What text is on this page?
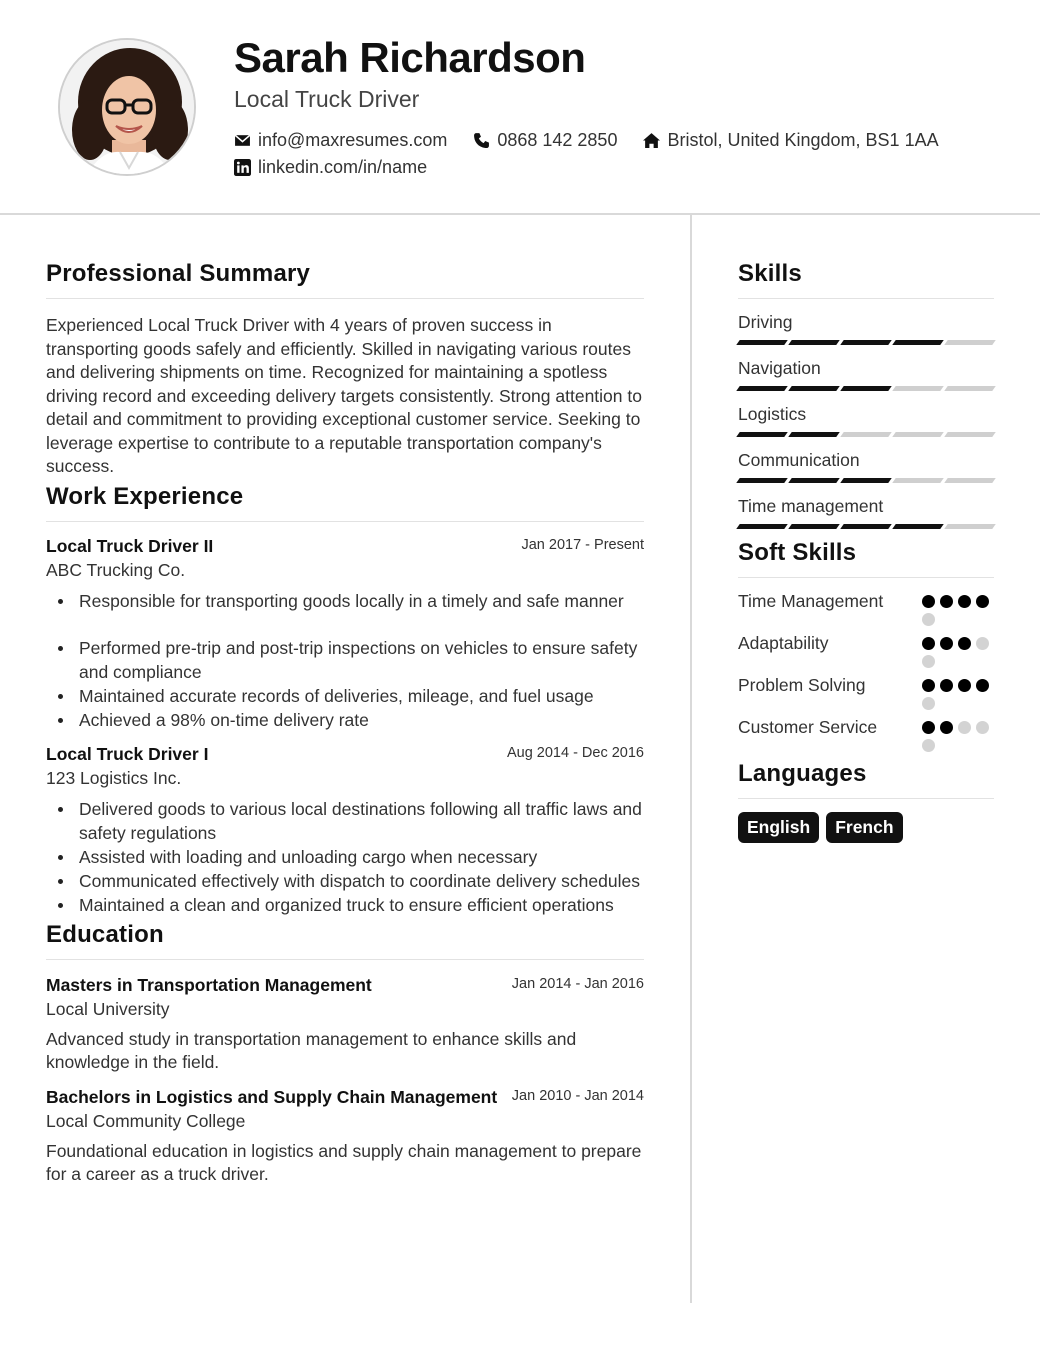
Sarah Richardson
Local Truck Driver
info@maxresumes.com	0868 142 2850	Bristol, United Kingdom, BS1 1AA
linkedin.com/in/name
Professional Summary
Experienced Local Truck Driver with 4 years of proven success in transporting goods safely and efficiently. Skilled in navigating various routes and delivering shipments on time. Recognized for maintaining a spotless driving record and exceeding delivery targets consistently. Strong attention to detail and commitment to providing exceptional customer service. Seeking to leverage expertise to contribute to a reputable transportation company's success.
Work Experience
Local Truck Driver II	Jan 2017 - Present
ABC Trucking Co.
Responsible for transporting goods locally in a timely and safe manner
Performed pre-trip and post-trip inspections on vehicles to ensure safety and compliance
Maintained accurate records of deliveries, mileage, and fuel usage
Achieved a 98% on-time delivery rate
Local Truck Driver I	Aug 2014 - Dec 2016
123 Logistics Inc.
Delivered goods to various local destinations following all traffic laws and safety regulations
Assisted with loading and unloading cargo when necessary
Communicated effectively with dispatch to coordinate delivery schedules
Maintained a clean and organized truck to ensure efficient operations
Education
Masters in Transportation Management	Jan 2014 - Jan 2016
Local University
Advanced study in transportation management to enhance skills and knowledge in the field.
Bachelors in Logistics and Supply Chain Management Jan 2010 - Jan 2014
Local Community College
Foundational education in logistics and supply chain management to prepare for a career as a truck driver.
Skills
Driving
Navigation
Logistics
Communication
Time management
Soft Skills
Time Management
Adaptability
Problem Solving
Customer Service
Languages
English	French
